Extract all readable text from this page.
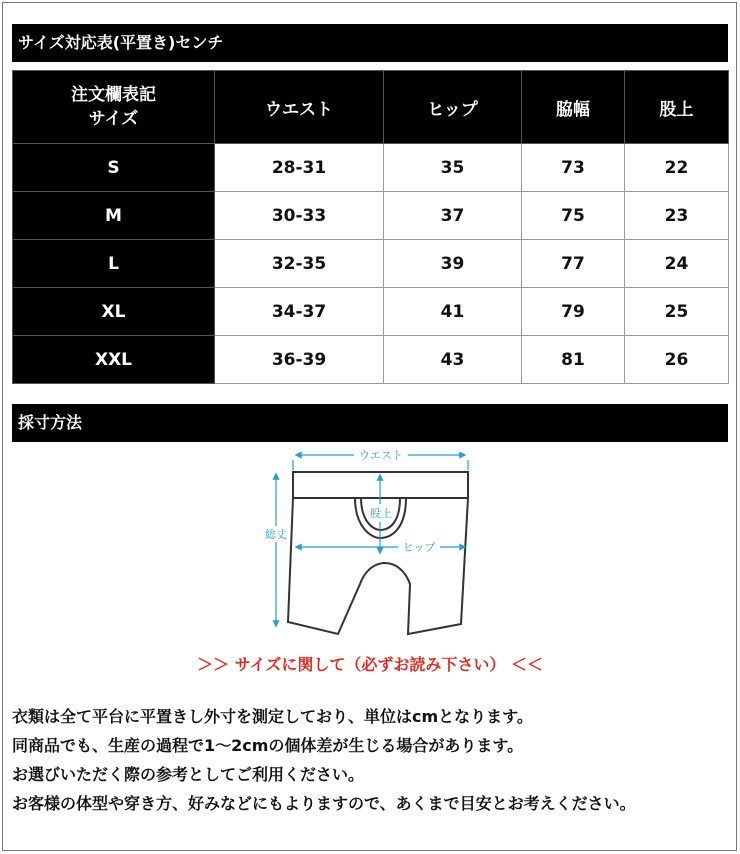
サイズ対応表(平置き)センチ
注文欄表記
サイズ	ウエスト	ヒップ	脇幅	股上
S	28-31	35	73	22
M	30-33	37	75	23
L	32-35	39	77	24
XL	34-37	41	79	25
XXL	36-39	43	81	26
採寸方法
ウエスト
股上
ヒップ
総丈
＞＞ サイズに関して（必ずお読み下さい） ＜＜
衣類は全て平台に平置きし外寸を測定しており、単位はcmとなります。
同商品でも、生産の過程で1～2cmの個体差が生じる場合があります。
お選びいただく際の参考としてご利用ください。
お客様の体型や穿き方、好みなどにもよりますので、あくまで目安とお考えください。
